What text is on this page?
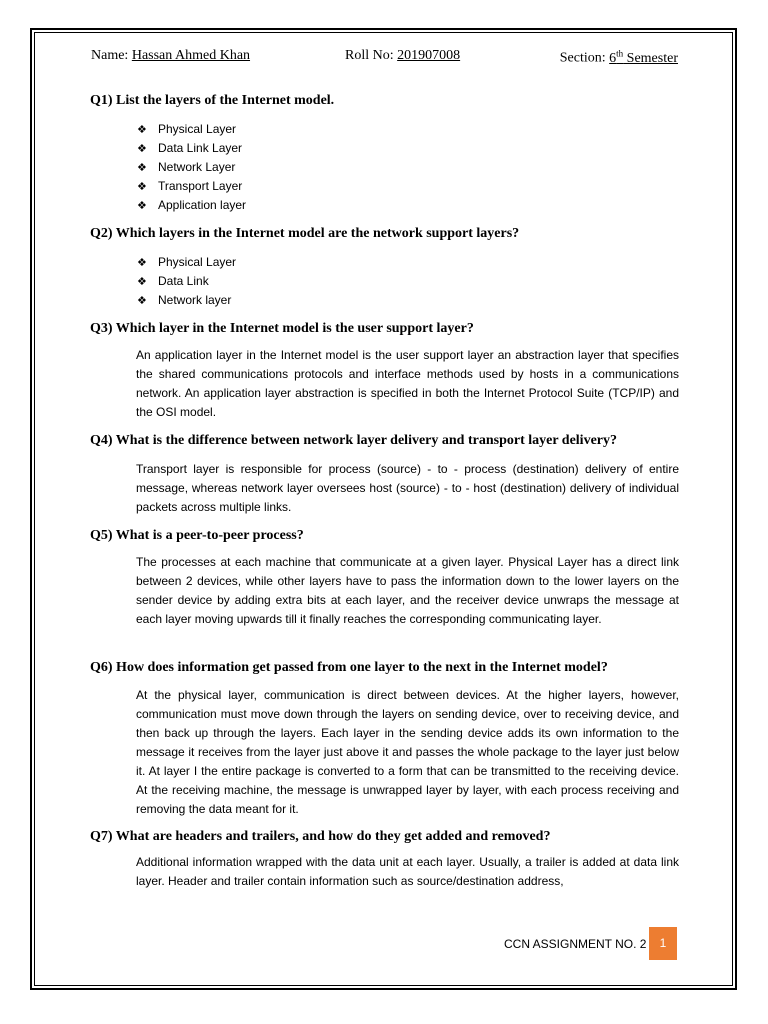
Name: Hassan Ahmed Khan	Roll No: 201907008	Section: 6th Semester
Q1) List the layers of the Internet model.
❖ Physical Layer
❖ Data Link Layer
❖ Network Layer
❖ Transport Layer
❖ Application layer
Q2) Which layers in the Internet model are the network support layers?
❖ Physical Layer
❖ Data Link
❖ Network layer
Q3) Which layer in the Internet model is the user support layer?

An application layer in the Internet model is the user support layer an abstraction layer that specifies the shared communications protocols and interface methods used by hosts in a communications network. An application layer abstraction is specified in both the Internet Protocol Suite (TCP/IP) and the OSI model.

Q4) What is the difference between network layer delivery and transport layer delivery?

Transport layer is responsible for process (source) - to - process (destination) delivery of entire message, whereas network layer oversees host (source) - to - host (destination) delivery of individual packets across multiple links.

Q5) What is a peer-to-peer process?

The processes at each machine that communicate at a given layer. Physical Layer has a direct link between 2 devices, while other layers have to pass the information down to the lower layers on the sender device by adding extra bits at each layer, and the receiver device unwraps the message at each layer moving upwards till it finally reaches the corresponding communicating layer.

Q6) How does information get passed from one layer to the next in the Internet model?

At the physical layer, communication is direct between devices. At the higher layers, however, communication must move down through the layers on sending device, over to receiving device, and then back up through the layers. Each layer in the sending device adds its own information to the message it receives from the layer just above it and passes the whole package to the layer just below it. At layer I the entire package is converted to a form that can be transmitted to the receiving device. At the receiving machine, the message is unwrapped layer by layer, with each process receiving and removing the data meant for it.

Q7) What are headers and trailers, and how do they get added and removed?

Additional information wrapped with the data unit at each layer. Usually, a trailer is added at data link layer. Header and trailer contain information such as source/destination address,

CCN ASSIGNMENT NO. 2	1
